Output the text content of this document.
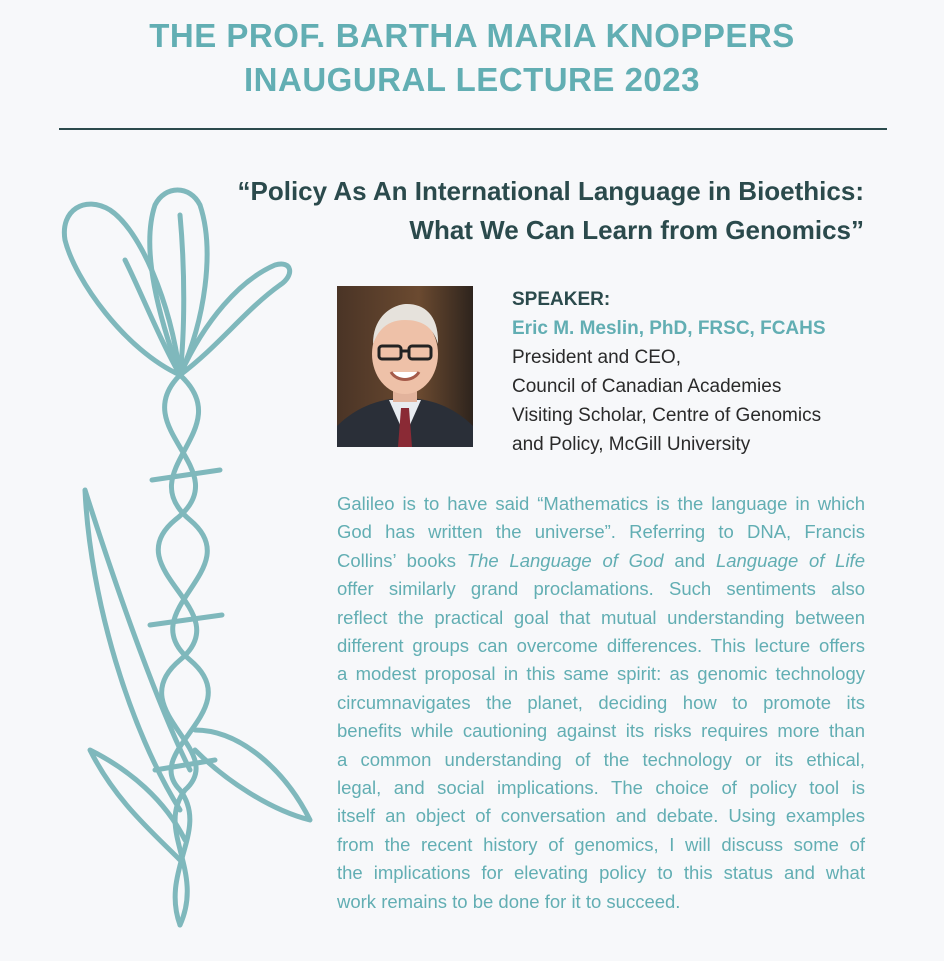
THE PROF. BARTHA MARIA KNOPPERS
INAUGURAL LECTURE 2023
“Policy As An International Language in Bioethics:
What We Can Learn from Genomics”
SPEAKER:
Eric M. Meslin, PhD, FRSC, FCAHS
President and CEO,
Council of Canadian Academies
Visiting Scholar, Centre of Genomics
and Policy, McGill University
Galileo is to have said “Mathematics is the language in which
God has written the universe”. Referring to DNA, Francis
Collins’ books The Language of God and Language of Life
offer similarly grand proclamations. Such sentiments also
reflect the practical goal that mutual understanding between
different groups can overcome differences. This lecture offers
a modest proposal in this same spirit: as genomic technology
circumnavigates the planet, deciding how to promote its
benefits while cautioning against its risks requires more than
a common understanding of the technology or its ethical,
legal, and social implications. The choice of policy tool is
itself an object of conversation and debate. Using examples
from the recent history of genomics, I will discuss some of
the implications for elevating policy to this status and what
work remains to be done for it to succeed.
